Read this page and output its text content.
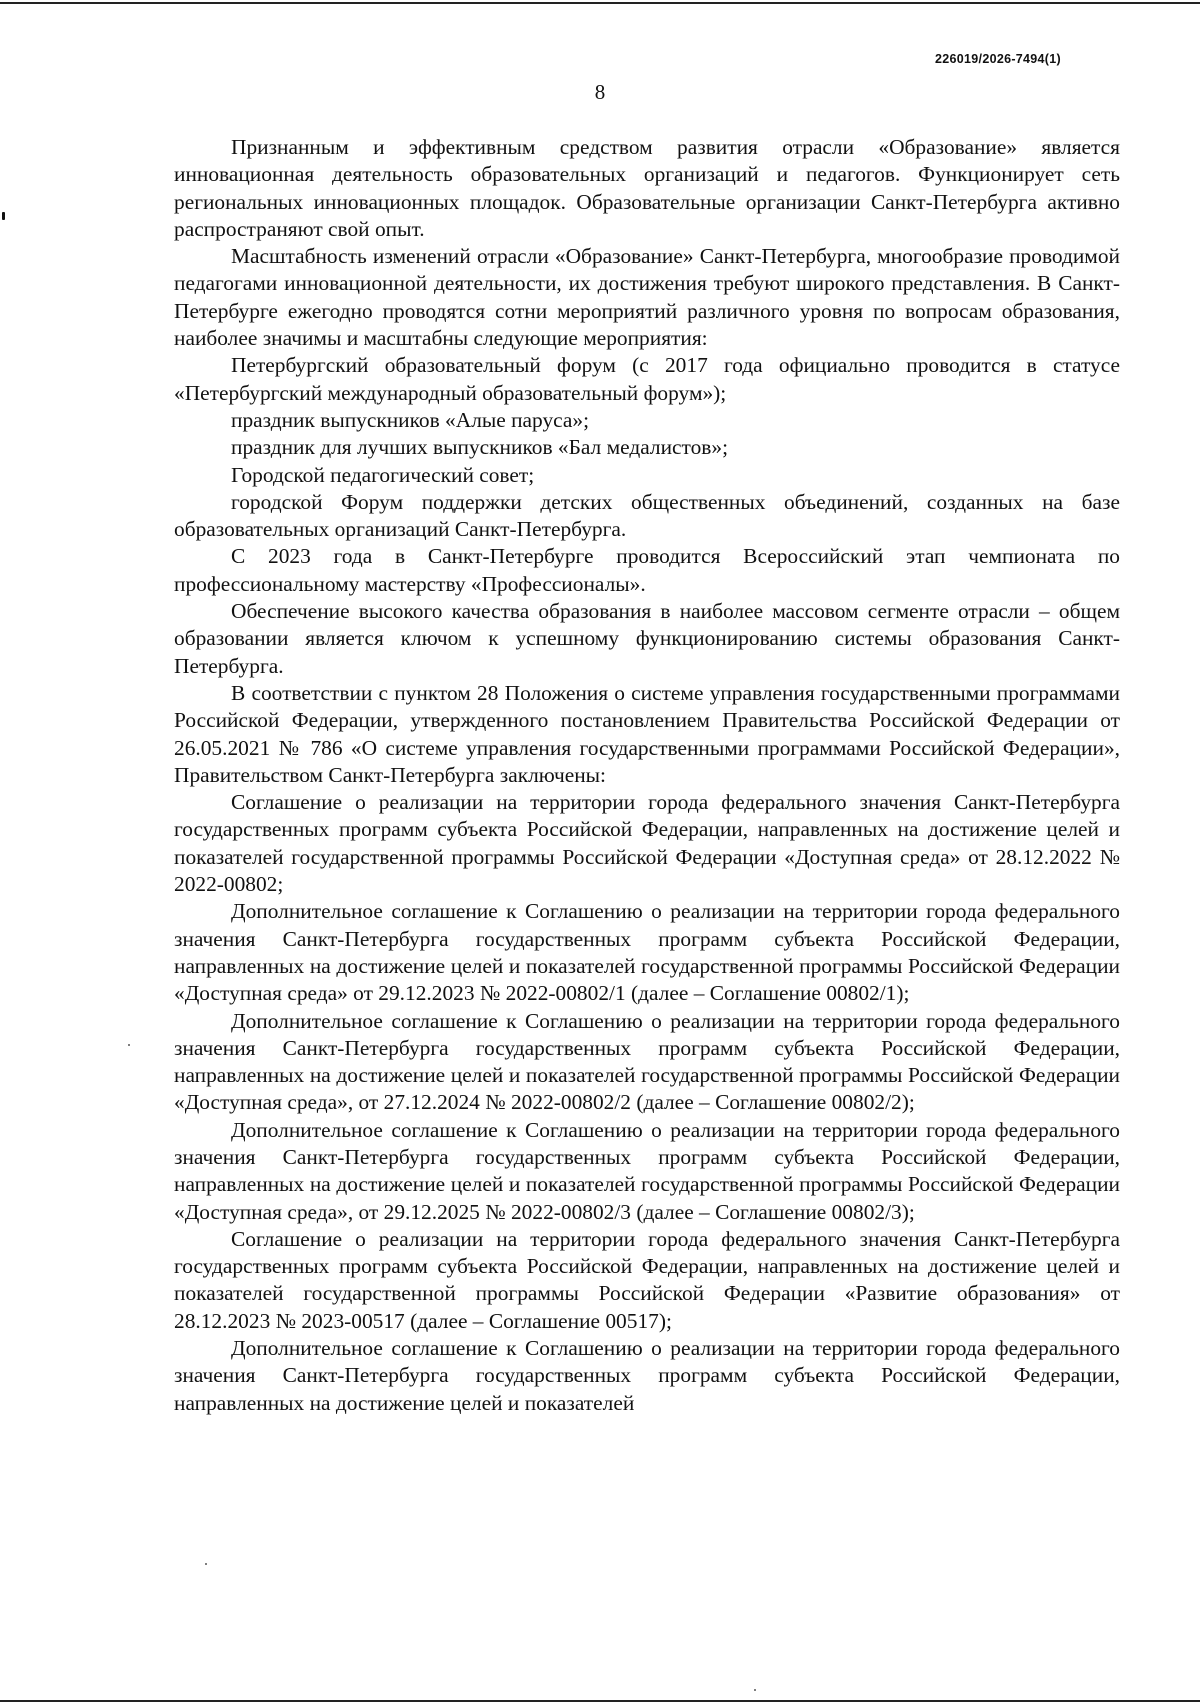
226019/2026-7494(1)
8

Признанным и эффективным средством развития отрасли «Образование» является инновационная деятельность образовательных организаций и педагогов. Функционирует сеть региональных инновационных площадок. Образовательные организации Санкт-Петербурга активно распространяют свой опыт.

Масштабность изменений отрасли «Образование» Санкт-Петербурга, многообразие проводимой педагогами инновационной деятельности, их достижения требуют широкого представления. В Санкт-Петербурге ежегодно проводятся сотни мероприятий различного уровня по вопросам образования, наиболее значимы и масштабны следующие мероприятия:

Петербургский образовательный форум (с 2017 года официально проводится в статусе «Петербургский международный образовательный форум»);

праздник выпускников «Алые паруса»;

праздник для лучших выпускников «Бал медалистов»;

Городской педагогический совет;

городской Форум поддержки детских общественных объединений, созданных на базе образовательных организаций Санкт-Петербурга.

С 2023 года в Санкт-Петербурге проводится Всероссийский этап чемпионата по профессиональному мастерству «Профессионалы».

Обеспечение высокого качества образования в наиболее массовом сегменте отрасли – общем образовании является ключом к успешному функционированию системы образования Санкт-Петербурга.

В соответствии с пунктом 28 Положения о системе управления государственными программами Российской Федерации, утвержденного постановлением Правительства Российской Федерации от 26.05.2021 № 786 «О системе управления государственными программами Российской Федерации», Правительством Санкт-Петербурга заключены:

Соглашение о реализации на территории города федерального значения Санкт-Петербурга государственных программ субъекта Российской Федерации, направленных на достижение целей и показателей государственной программы Российской Федерации «Доступная среда» от 28.12.2022 № 2022-00802;

Дополнительное соглашение к Соглашению о реализации на территории города федерального значения Санкт-Петербурга государственных программ субъекта Российской Федерации, направленных на достижение целей и показателей государственной программы Российской Федерации «Доступная среда» от 29.12.2023 № 2022-00802/1 (далее – Соглашение 00802/1);

Дополнительное соглашение к Соглашению о реализации на территории города федерального значения Санкт-Петербурга государственных программ субъекта Российской Федерации, направленных на достижение целей и показателей государственной программы Российской Федерации «Доступная среда», от 27.12.2024 № 2022-00802/2 (далее – Соглашение 00802/2);

Дополнительное соглашение к Соглашению о реализации на территории города федерального значения Санкт-Петербурга государственных программ субъекта Российской Федерации, направленных на достижение целей и показателей государственной программы Российской Федерации «Доступная среда», от 29.12.2025 № 2022-00802/3 (далее – Соглашение 00802/3);

Соглашение о реализации на территории города федерального значения Санкт-Петербурга государственных программ субъекта Российской Федерации, направленных на достижение целей и показателей государственной программы Российской Федерации «Развитие образования» от 28.12.2023 № 2023-00517 (далее – Соглашение 00517);

Дополнительное соглашение к Соглашению о реализации на территории города федерального значения Санкт-Петербурга государственных программ субъекта Российской Федерации, направленных на достижение целей и показателей
